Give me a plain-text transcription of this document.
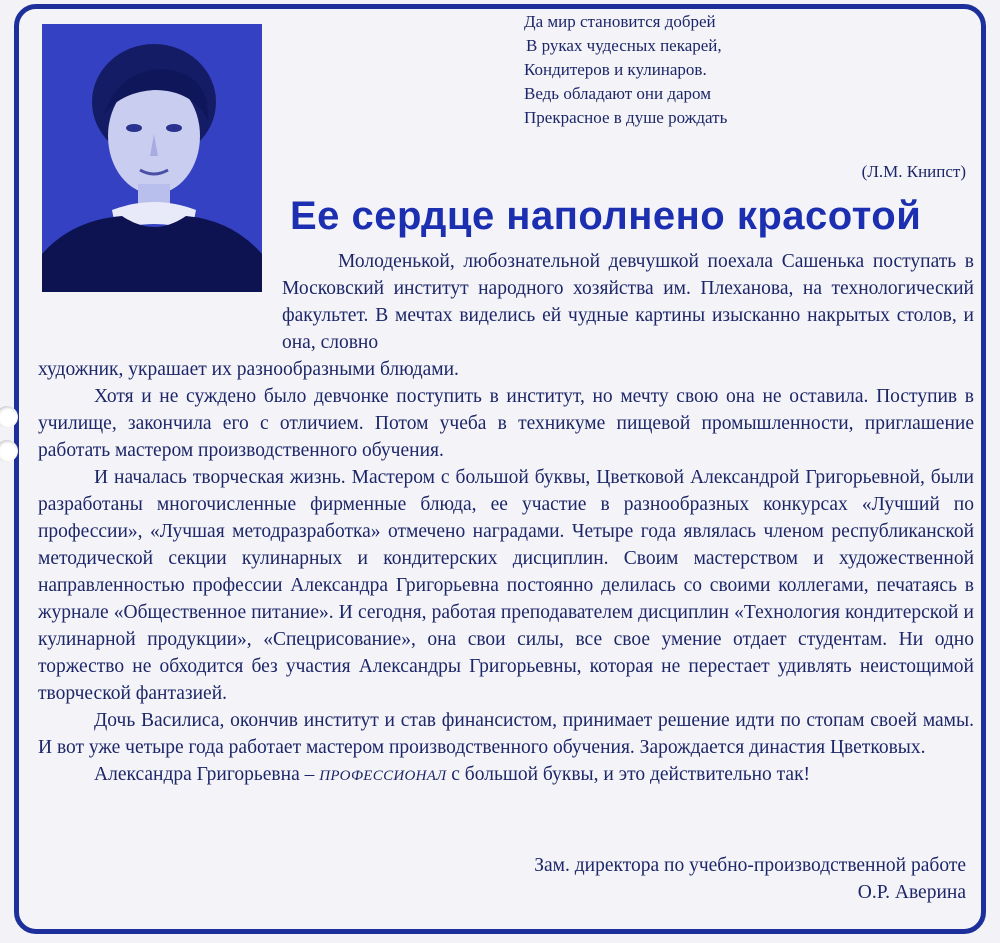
Да мир становится добрей
В руках чудесных пекарей,
Кондитеров и кулинаров.
Ведь обладают они даром
Прекрасное в душе рождать
(Л.М. Книпст)
Ее сердце наполнено красотой
Молоденькой, любознательной девчушкой поехала Сашенька поступать в Московский институт народного хозяйства им. Плеханова, на технологический факультет. В мечтах виделись ей чудные картины изысканно накрытых столов, и она, словно
художник, украшает их разнообразными блюдами.

Хотя и не суждено было девчонке поступить в институт, но мечту свою она не оставила. Поступив в училище, закончила его с отличием. Потом учеба в техникуме пищевой промышленности, приглашение работать мастером производственного обучения.

И началась творческая жизнь. Мастером с большой буквы, Цветковой Александрой Григорьевной, были разработаны многочисленные фирменные блюда, ее участие в разнообразных конкурсах «Лучший по профессии», «Лучшая методразработка» отмечено наградами. Четыре года являлась членом республиканской методической секции кулинарных и кондитерских дисциплин. Своим мастерством и художественной направленностью профессии Александра Григорьевна постоянно делилась со своими коллегами, печатаясь в журнале «Общественное питание». И сегодня, работая преподавателем дисциплин «Технология кондитерской и кулинарной продукции», «Спецрисование», она свои силы, все свое умение отдает студентам. Ни одно торжество не обходится без участия Александры Григорьевны, которая не перестает удивлять неистощимой творческой фантазией.

Дочь Василиса, окончив институт и став финансистом, принимает решение идти по стопам своей мамы. И вот уже четыре года работает мастером производственного обучения. Зарождается династия Цветковых.

Александра Григорьевна – ПРОФЕССИОНАЛ с большой буквы, и это действительно так!

Зам. директора по учебно-производственной работе
О.Р. Аверина
